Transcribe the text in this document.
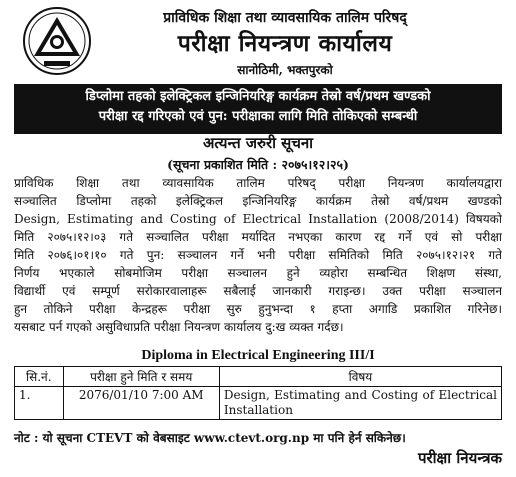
प्राविधिक शिक्षा तथा व्यावसायिक तालिम परिषद्
परीक्षा नियन्त्रण कार्यालय
सानोठिमी, भक्तपुरको
डिप्लोमा तहको इलेक्ट्रिकल इन्जिनियरिङ्ग कार्यक्रम तेस्रो वर्ष/प्रथम खण्डको
परीक्षा रद्द गरिएको एवं पुन: परीक्षाका लागि मिति तोकिएको सम्बन्धी
अत्यन्त जरुरी सूचना
(सूचना प्रकाशित मिति : २०७५।१२।२५)
प्राविधिक शिक्षा तथा व्यावसायिक तालिम परिषद् परीक्षा नियन्त्रण कार्यालयद्वारा
सञ्चालित डिप्लोमा तहको इलेक्ट्रिकल इन्जिनियरिङ्ग कार्यक्रम तेस्रो वर्ष/प्रथम खण्डको
Design, Estimating and Costing of Electrical Installation (2008/2014) विषयको
मिति २०७५।१२।०३ गते सञ्चालित परीक्षा मर्यादित नभएका कारण रद्द गर्ने एवं सो परीक्षा
मिति २०७६।०१।१० गते पुन: सञ्चालन गर्ने भनी परीक्षा समितिको मिति २०७५।१२।२१ गते
निर्णय भएकाले सोबमोजिम परीक्षा सञ्चालन हुने व्यहोरा सम्बन्धित शिक्षण संस्था,
विद्यार्थी एवं सम्पूर्ण सरोकारवालाहरू सबैलाई जानकारी गराइन्छ। उक्त परीक्षा सञ्चालन
हुन तोकिने परीक्षा केन्द्रहरू परीक्षा सुरु हुनुभन्दा १ हप्ता अगाडि प्रकाशित गरिनेछ।
यसबाट पर्न गएको असुविधाप्रति परीक्षा नियन्त्रण कार्यालय दु:ख व्यक्त गर्दछ।
Diploma in Electrical Engineering III/I
सि.नं.	परीक्षा हुने मिति र समय	विषय
1.	2076/01/10 7:00 AM	Design, Estimating and Costing of Electrical Installation
नोट : यो सूचना CTEVT को वेबसाइट www.ctevt.org.np मा पनि हेर्न सकिनेछ।
परीक्षा नियन्त्रक
